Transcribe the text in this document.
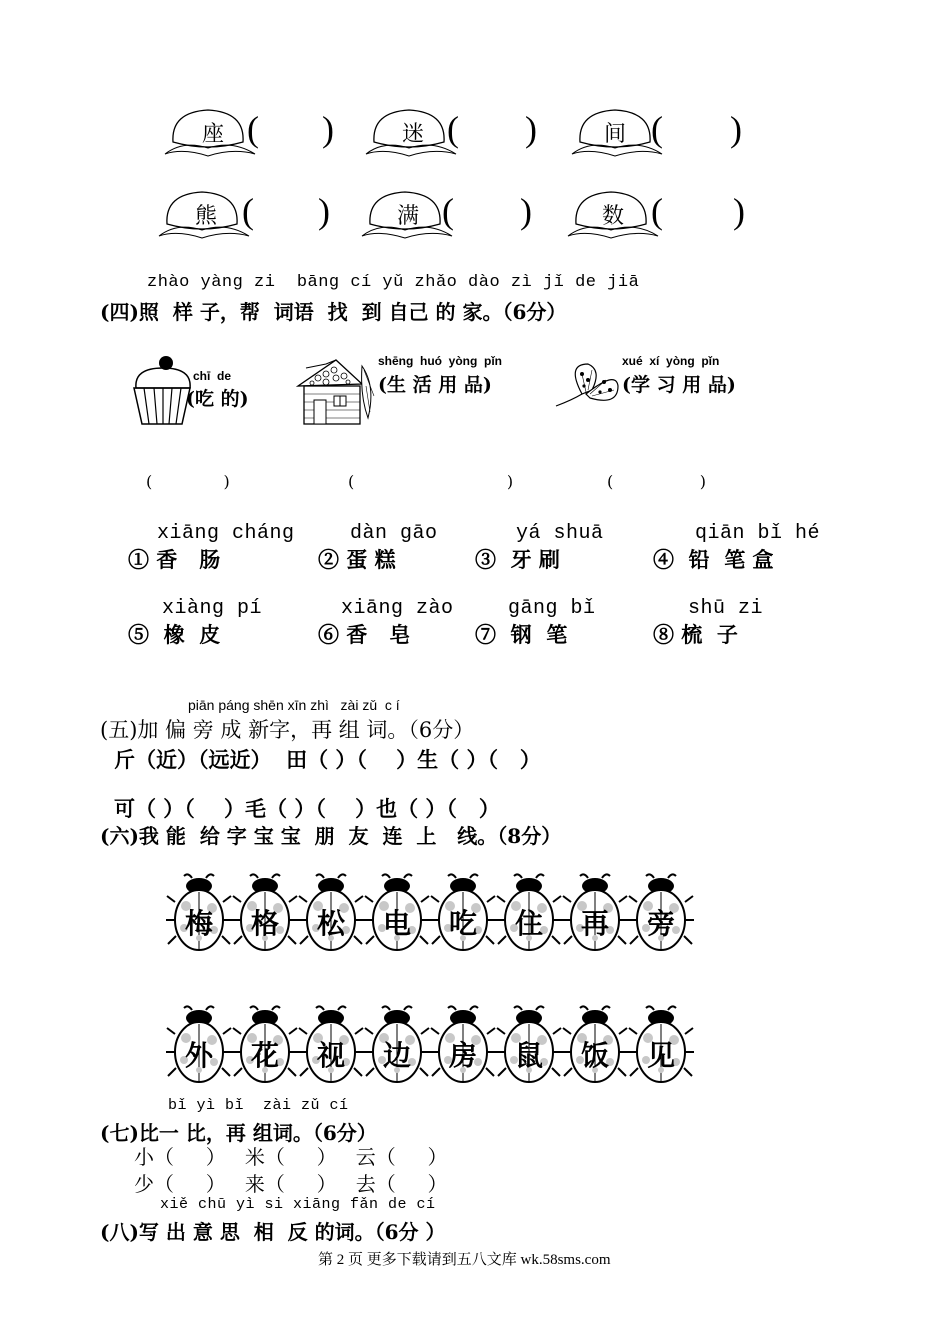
座 ( )	迷 ( )	间 ( )
熊 ( )	满 ( )	数 ( )
zhào yàng zi  bāng cí yǔ zhǎo dào zì jǐ de jiā
(四)照  样 子，帮  词语  找  到 自己 的 家。（6分）
chī  de
(吃 的)
shēng  huó  yòng  pǐn
(生 活 用 品)
xué  xí  yòng  pǐn
(学 习 用 品)
(              )	(                              )	(                 )
xiāng cháng
① 香   肠
dàn gāo
② 蛋 糕
yá shuā
③  牙 刷
qiān bǐ hé
④  铅  笔 盒
xiàng pí
⑤  橡  皮
xiāng zào
⑥ 香   皂
gāng bǐ
⑦  钢  笔
shū zi
⑧ 梳  子
piān páng shēn xīn zhì   zài zǔ  c í
(五)加 偏 旁 成 新字，再 组 词。（6分）
斤（近）（远近）  田（ ）（    ）生（ ）（   ）
可（ ）（    ）毛（ ）（    ）也（ ）（   ）
(六)我 能  给 字 宝 宝  朋  友  连  上   线。（8分）
梅	格	松	电	吃	住	再	旁
外	花	视	边	房	鼠	饭	见
bǐ yì bǐ  zài zǔ cí
(七)比一 比，再 组词。（6分）
小（     ）   米（     ）   云（     ）
少（     ）   来（     ）   去（     ）
xiě chū yì si xiāng fǎn de cí
(八)写 出 意 思  相  反 的词。（6分 ）
第 2 页 更多下载请到五八文库 wk.58sms.com
